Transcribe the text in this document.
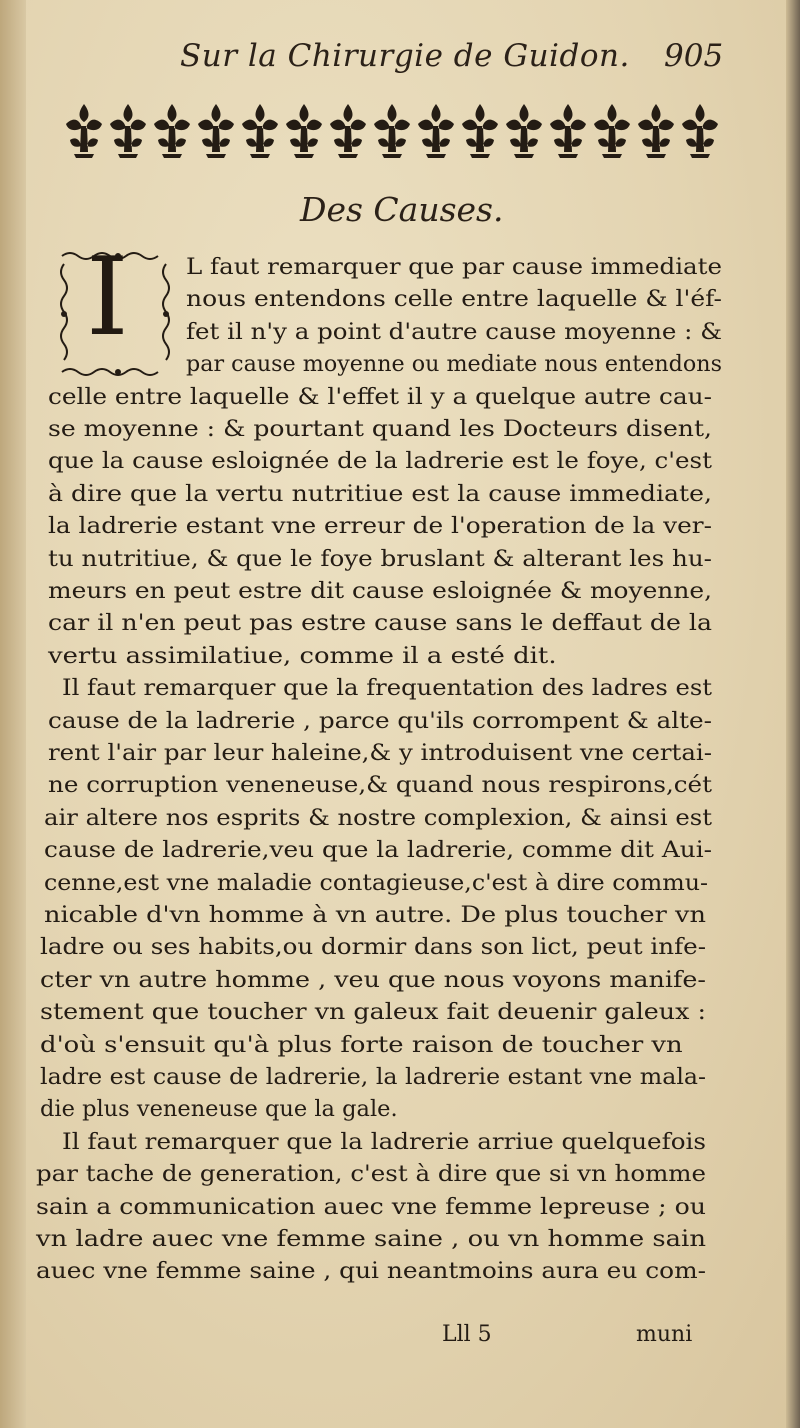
Sur la Chirurgie de Guidon. 905
Des Causes.
I	L faut remarquer que par cause immediate
nous entendons celle entre laquelle & l'éf-
fet il n'y a point d'autre cause moyenne : &
par cause moyenne ou mediate nous entendons
celle entre laquelle & l'effet il y a quelque autre cau-
se moyenne : & pourtant quand les Docteurs disent,
que la cause esloignée de la ladrerie est le foye, c'est
à dire que la vertu nutritiue est la cause immediate,
la ladrerie estant vne erreur de l'operation de la ver-
tu nutritiue, & que le foye bruslant & alterant les hu-
meurs en peut estre dit cause esloignée & moyenne,
car il n'en peut pas estre cause sans le deffaut de la
vertu assimilatiue, comme il a esté dit.
Il faut remarquer que la frequentation des ladres est
cause de la ladrerie , parce qu'ils corrompent & alte-
rent l'air par leur haleine,& y introduisent vne certai-
ne corruption veneneuse,& quand nous respirons,cét
air altere nos esprits & nostre complexion, & ainsi est
cause de ladrerie,veu que la ladrerie, comme dit Aui-
cenne,est vne maladie contagieuse,c'est à dire commu-
nicable d'vn homme à vn autre. De plus toucher vn
ladre ou ses habits,ou dormir dans son lict, peut infe-
cter vn autre homme , veu que nous voyons manife-
stement que toucher vn galeux fait deuenir galeux :
d'où s'ensuit qu'à plus forte raison de toucher vn
ladre est cause de ladrerie, la ladrerie estant vne mala-
die plus veneneuse que la gale.
Il faut remarquer que la ladrerie arriue quelquefois
par tache de generation, c'est à dire que si vn homme
sain a communication auec vne femme lepreuse ; ou
vn ladre auec vne femme saine , ou vn homme sain
auec vne femme saine , qui neantmoins aura eu com-
Lll 5	muni
